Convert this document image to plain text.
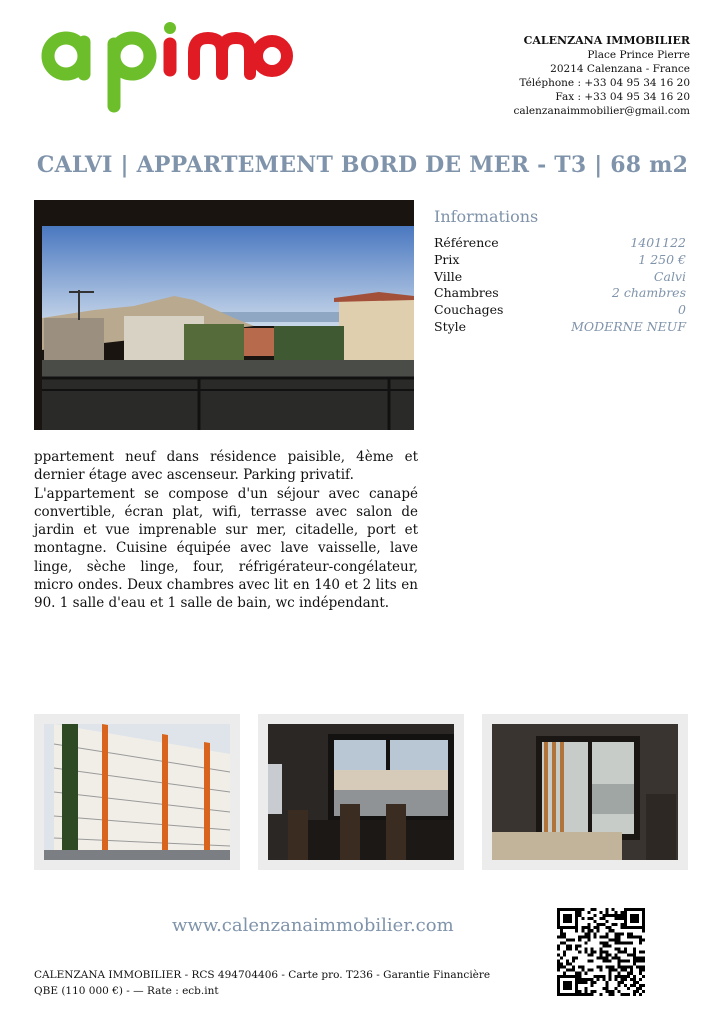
CALENZANA IMMOBILIER
Place Prince Pierre
20214 Calenzana - France
Téléphone : +33 04 95 34 16 20
Fax : +33 04 95 34 16 20
calenzanaimmobilier@gmail.com
CALVI | APPARTEMENT BORD DE MER - T3 | 68 m2
Informations
Référence	1401122
Prix	1 250 €
Ville	Calvi
Chambres	2 chambres
Couchages	0
Style	MODERNE NEUF

ppartement neuf dans résidence paisible, 4ème et dernier étage avec ascenseur. Parking privatif.

L'appartement se compose d'un séjour avec canapé convertible, écran plat, wifi, terrasse avec salon de jardin et vue imprenable sur mer, citadelle, port et montagne. Cuisine équipée avec lave vaisselle, lave linge, sèche linge, four, réfrigérateur-congélateur, micro ondes. Deux chambres avec lit en 140 et 2 lits en 90. 1 salle d'eau et 1 salle de bain, wc indépendant.

www.calenzanaimmobilier.com
CALENZANA IMMOBILIER - RCS 494704406 - Carte pro. T236 - Garantie Financière QBE (110 000 €) - — Rate : ecb.int
